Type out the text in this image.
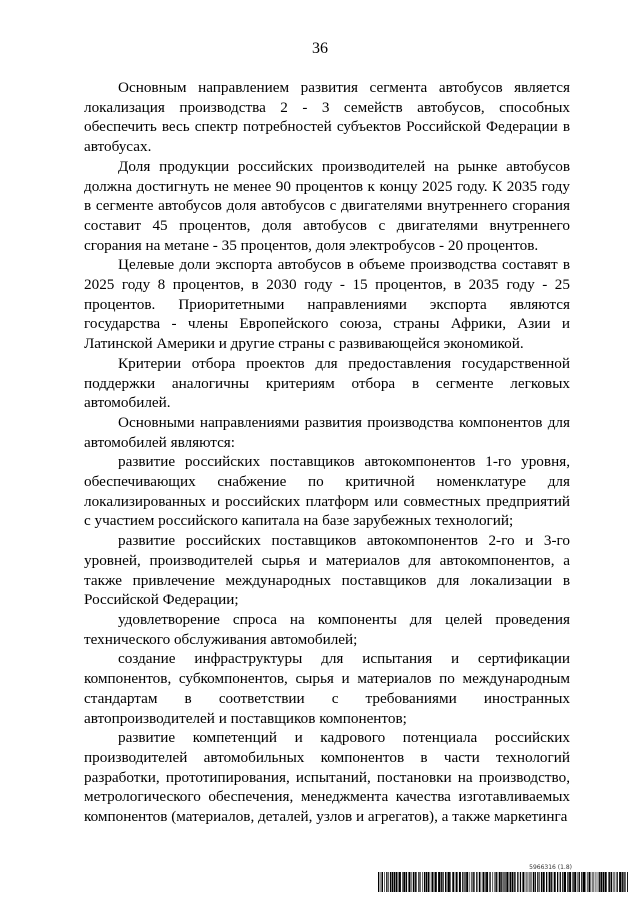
36

Основным направлением развития сегмента автобусов является локализация производства 2 - 3 семейств автобусов, способных обеспечить весь спектр потребностей субъектов Российской Федерации в автобусах.

Доля продукции российских производителей на рынке автобусов должна достигнуть не менее 90 процентов к концу 2025 году. К 2035 году в сегменте автобусов доля автобусов с двигателями внутреннего сгорания составит 45 процентов, доля автобусов с двигателями внутреннего сгорания на метане - 35 процентов, доля электробусов - 20 процентов.

Целевые доли экспорта автобусов в объеме производства составят в 2025 году 8 процентов, в 2030 году - 15 процентов, в 2035 году - 25 процентов. Приоритетными направлениями экспорта являются государства - члены Европейского союза, страны Африки, Азии и Латинской Америки и другие страны с развивающейся экономикой.

Критерии отбора проектов для предоставления государственной поддержки аналогичны критериям отбора в сегменте легковых автомобилей.

Основными направлениями развития производства компонентов для автомобилей являются:

развитие российских поставщиков автокомпонентов 1-го уровня, обеспечивающих снабжение по критичной номенклатуре для локализированных и российских платформ или совместных предприятий с участием российского капитала на базе зарубежных технологий;

развитие российских поставщиков автокомпонентов 2-го и 3-го уровней, производителей сырья и материалов для автокомпонентов, а также привлечение международных поставщиков для локализации в Российской Федерации;

удовлетворение спроса на компоненты для целей проведения технического обслуживания автомобилей;

создание инфраструктуры для испытания и сертификации компонентов, субкомпонентов, сырья и материалов по международным стандартам в соответствии с требованиями иностранных автопроизводителей и поставщиков компонентов;

развитие компетенций и кадрового потенциала российских производителей автомобильных компонентов в части технологий разработки, прототипирования, испытаний, постановки на производство, метрологического обеспечения, менеджмента качества изготавливаемых компонентов (материалов, деталей, узлов и агрегатов), а также маркетинга

5966316 (1.8)
